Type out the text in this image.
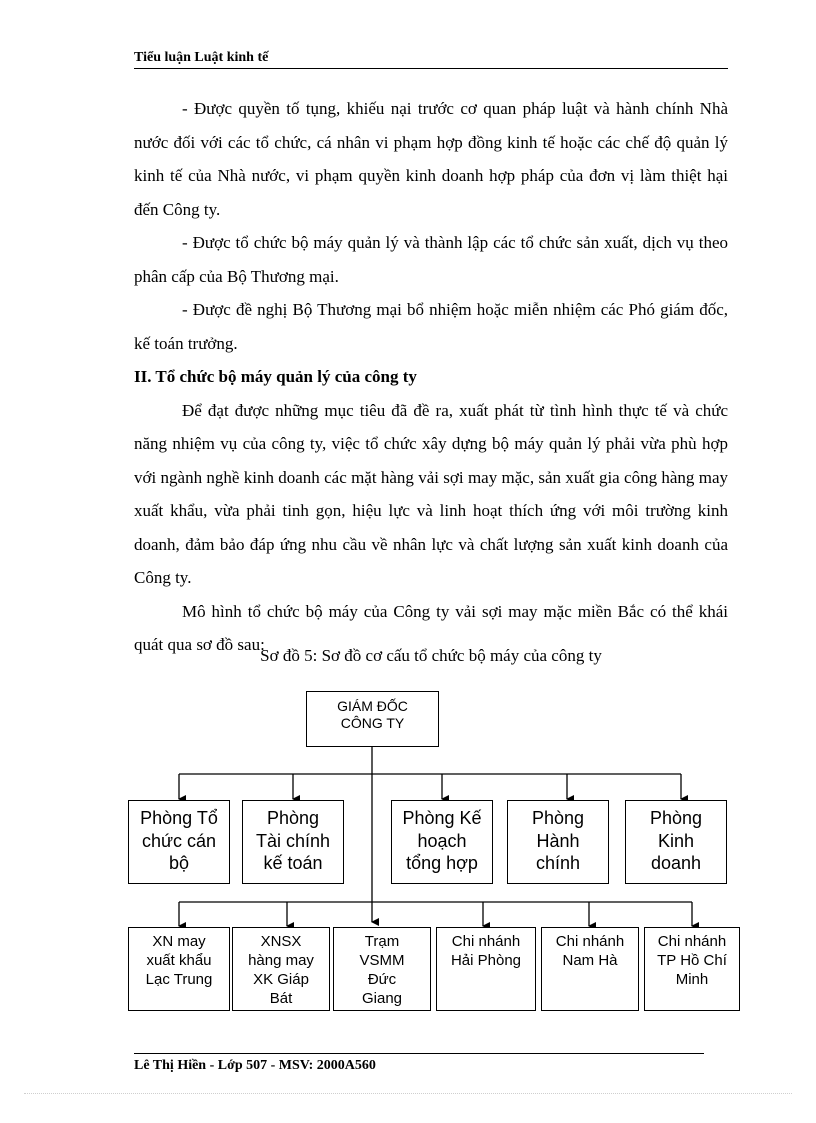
Tiểu luận Luật kinh tế

- Được quyền tố tụng, khiếu nại trước cơ quan pháp luật và hành chính Nhà nước đối với các tổ chức, cá nhân vi phạm hợp đồng kinh tế hoặc các chế độ quản lý kinh tế của Nhà nước, vi phạm quyền kinh doanh hợp pháp của đơn vị làm thiệt hại đến Công ty.

- Được tổ chức bộ máy quản lý và thành lập các tổ chức sản xuất, dịch vụ theo phân cấp của Bộ Thương mại.

- Được đề nghị Bộ Thương mại bổ nhiệm hoặc miễn nhiệm các Phó giám đốc, kế toán trưởng.

II. Tổ chức bộ máy quản lý của công ty

Để đạt được những mục tiêu đã đề ra, xuất phát từ tình hình thực tế và chức năng nhiệm vụ của công ty, việc tổ chức xây dựng bộ máy quản lý phải vừa phù hợp với ngành nghề kinh doanh các mặt hàng vải sợi may mặc, sản xuất gia công hàng may xuất khẩu, vừa phải tinh gọn, hiệu lực và linh hoạt thích ứng với môi trường kinh doanh, đảm bảo đáp ứng nhu cầu về nhân lực và chất lượng sản xuất kinh doanh của Công ty.

Mô hình tổ chức bộ máy của Công ty vải sợi may mặc miền Bắc có thể khái quát qua sơ đồ sau:

Sơ đồ 5: Sơ đồ cơ cấu tổ chức bộ máy của công ty
GIÁM ĐỐC
CÔNG TY
Phòng Tổ
chức cán
bộ
Phòng
Tài chính
kế toán
Phòng Kế
hoạch
tổng hợp
Phòng
Hành
chính
Phòng
Kinh
doanh
XN may
xuất khẩu
Lạc Trung
XNSX
hàng may
XK Giáp
Bát
Trạm
VSMM
Đức
Giang
Chi nhánh
Hải Phòng
Chi nhánh
Nam Hà
Chi nhánh
TP Hồ Chí
Minh
Lê Thị Hiền - Lớp 507 - MSV: 2000A560
